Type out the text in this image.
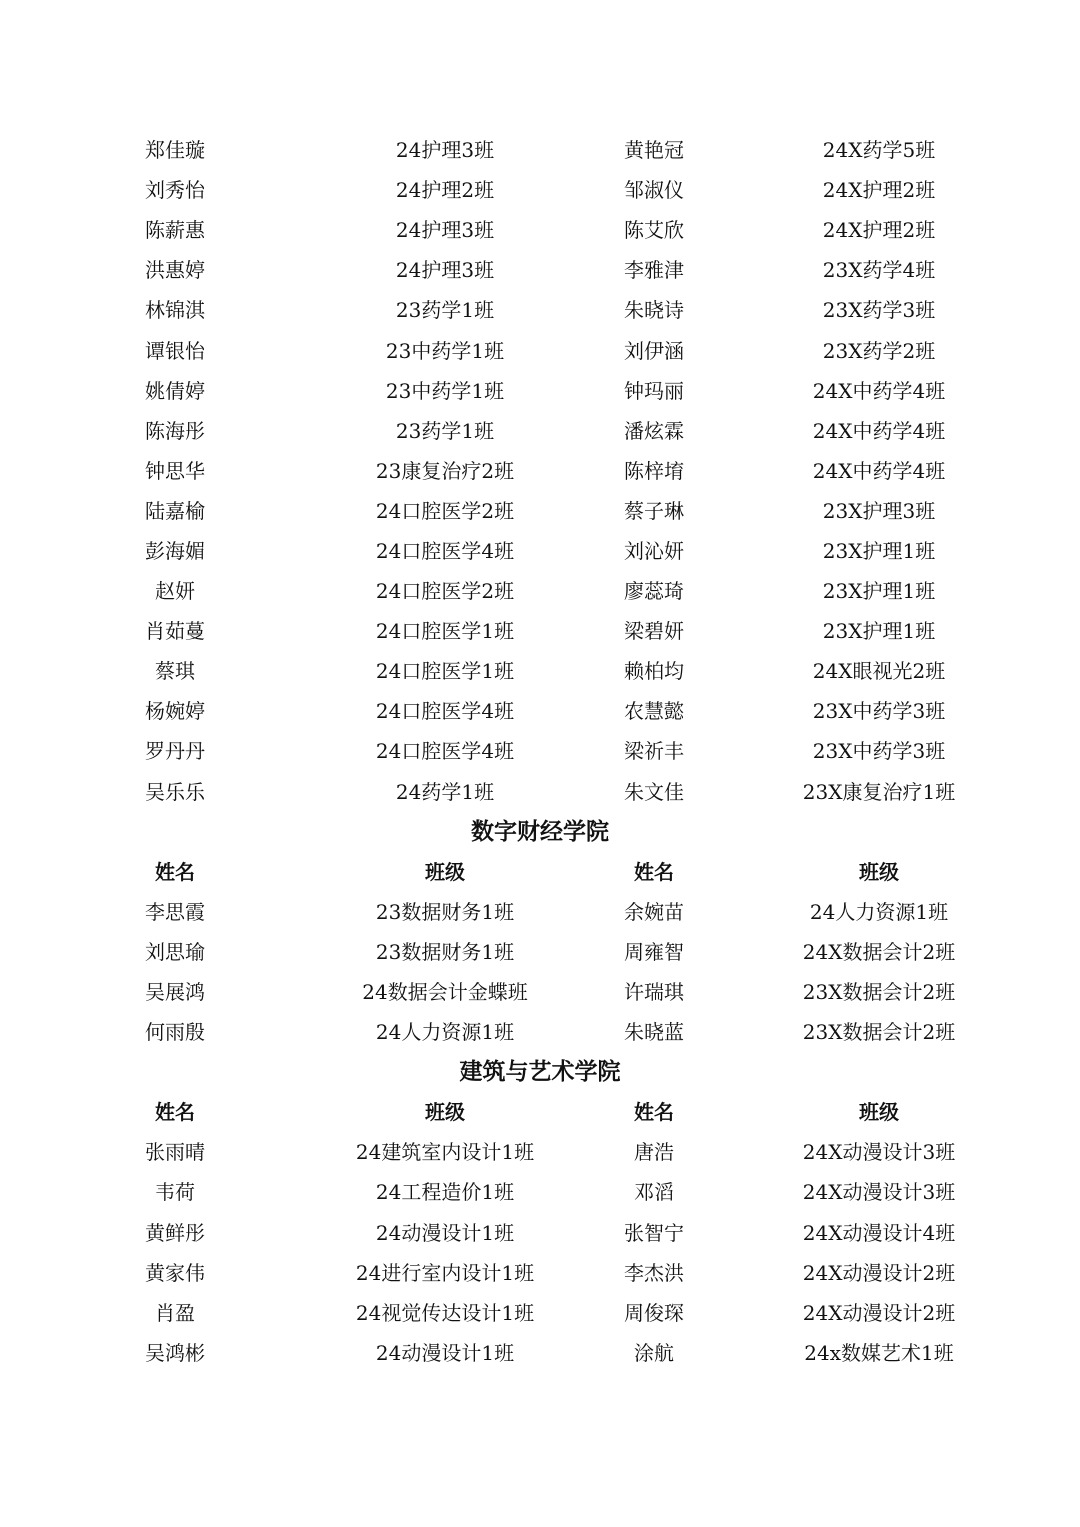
郑佳璇	24护理3班	黄艳冠	24X药学5班
刘秀怡	24护理2班	邹淑仪	24X护理2班
陈薪惠	24护理3班	陈艾欣	24X护理2班
洪惠婷	24护理3班	李雅津	23X药学4班
林锦淇	23药学1班	朱晓诗	23X药学3班
谭银怡	23中药学1班	刘伊涵	23X药学2班
姚倩婷	23中药学1班	钟玛丽	24X中药学4班
陈海彤	23药学1班	潘炫霖	24X中药学4班
钟思华	23康复治疗2班	陈梓堉	24X中药学4班
陆嘉榆	24口腔医学2班	蔡子琳	23X护理3班
彭海媚	24口腔医学4班	刘沁妍	23X护理1班
赵妍	24口腔医学2班	廖蕊琦	23X护理1班
肖茹蔓	24口腔医学1班	梁碧妍	23X护理1班
蔡琪	24口腔医学1班	赖柏均	24X眼视光2班
杨婉婷	24口腔医学4班	农慧懿	23X中药学3班
罗丹丹	24口腔医学4班	梁祈丰	23X中药学3班
吴乐乐	24药学1班	朱文佳	23X康复治疗1班
数字财经学院
姓名	班级	姓名	班级
李思霞	23数据财务1班	余婉苗	24人力资源1班
刘思瑜	23数据财务1班	周雍智	24X数据会计2班
吴展鸿	24数据会计金蝶班	许瑞琪	23X数据会计2班
何雨殷	24人力资源1班	朱晓蓝	23X数据会计2班
建筑与艺术学院
姓名	班级	姓名	班级
张雨晴	24建筑室内设计1班	唐浩	24X动漫设计3班
韦荷	24工程造价1班	邓滔	24X动漫设计3班
黄鲜彤	24动漫设计1班	张智宁	24X动漫设计4班
黄家伟	24进行室内设计1班	李杰洪	24X动漫设计2班
肖盈	24视觉传达设计1班	周俊琛	24X动漫设计2班
吴鸿彬	24动漫设计1班	涂航	24x数媒艺术1班
